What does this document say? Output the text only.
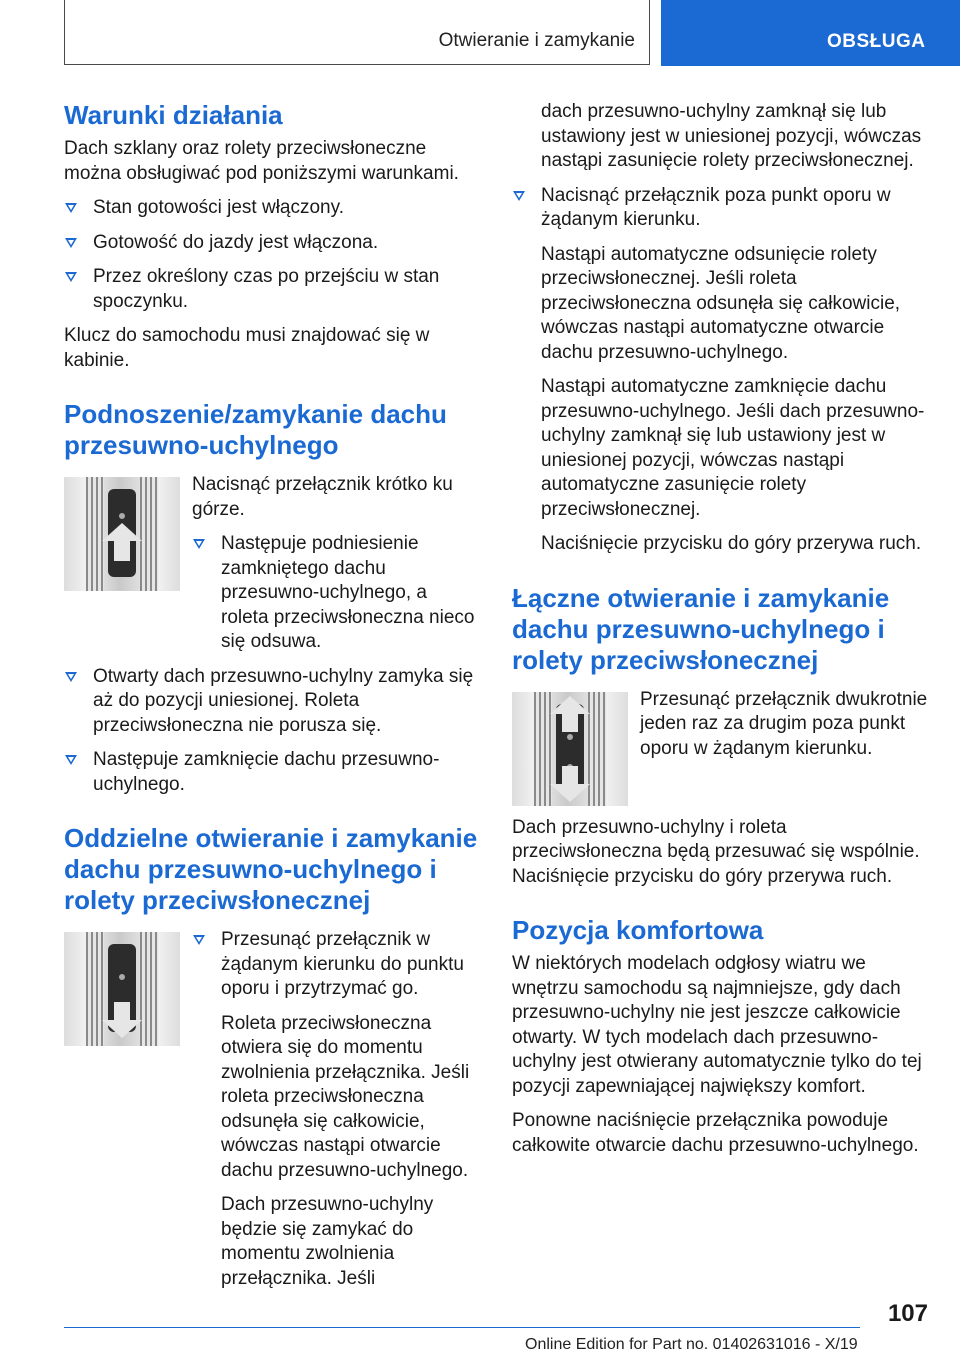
Otwieranie i zamykanie	OBSŁUGA
Warunki działania

Dach szklany oraz rolety przeciwsłoneczne można obsługiwać pod poniższymi warunkami.

Stan gotowości jest włączony.
Gotowość do jazdy jest włączona.
Przez określony czas po przejściu w stan spoczynku.

Klucz do samochodu musi znajdować się w kabinie.

Podnoszenie/zamykanie dachu przesuwno-uchylnego

Nacisnąć przełącznik krótko ku górze.

Następuje podniesienie zamkniętego dachu przesuwno-uchylnego, a roleta przeciwsłoneczna nieco się odsuwa.
Otwarty dach przesuwno-uchylny zamyka się aż do pozycji uniesionej. Roleta przeciwsłoneczna nie porusza się.
Następuje zamknięcie dachu przesuwno-uchylnego.
Oddzielne otwieranie i zamykanie dachu przesuwno-uchylnego i rolety przeciwsłonecznej
Przesunąć przełącznik w żądanym kierunku do punktu oporu i przytrzymać go.

Roleta przeciwsłoneczna otwiera się do momentu zwolnienia przełącznika. Jeśli roleta przeciwsłoneczna odsunęła się całkowicie, wówczas nastąpi otwarcie dachu przesuwno-uchylnego.

Dach przesuwno-uchylny będzie się zamykać do momentu zwolnienia przełącznika. Jeśli

dach przesuwno-uchylny zamknął się lub ustawiony jest w uniesionej pozycji, wówczas nastąpi zasunięcie rolety przeciwsłonecznej.

Nacisnąć przełącznik poza punkt oporu w żądanym kierunku.

Nastąpi automatyczne odsunięcie rolety przeciwsłonecznej. Jeśli roleta przeciwsłoneczna odsunęła się całkowicie, wówczas nastąpi automatyczne otwarcie dachu przesuwno-uchylnego.

Nastąpi automatyczne zamknięcie dachu przesuwno-uchylnego. Jeśli dach przesuwno-uchylny zamknął się lub ustawiony jest w uniesionej pozycji, wówczas nastąpi automatyczne zasunięcie rolety przeciwsłonecznej.

Naciśnięcie przycisku do góry przerywa ruch.

Łączne otwieranie i zamykanie dachu przesuwno-uchylnego i rolety przeciwsłonecznej

Przesunąć przełącznik dwukrotnie jeden raz za drugim poza punkt oporu w żądanym kierunku.

Dach przesuwno-uchylny i roleta przeciwsłoneczna będą przesuwać się wspólnie. Naciśnięcie przycisku do góry przerywa ruch.

Pozycja komfortowa

W niektórych modelach odgłosy wiatru we wnętrzu samochodu są najmniejsze, gdy dach przesuwno-uchylny nie jest jeszcze całkowicie otwarty. W tych modelach dach przesuwno-uchylny jest otwierany automatycznie tylko do tej pozycji zapewniającej największy komfort.

Ponowne naciśnięcie przełącznika powoduje całkowite otwarcie dachu przesuwno-uchylnego.

107
Online Edition for Part no. 01402631016 - X/19
